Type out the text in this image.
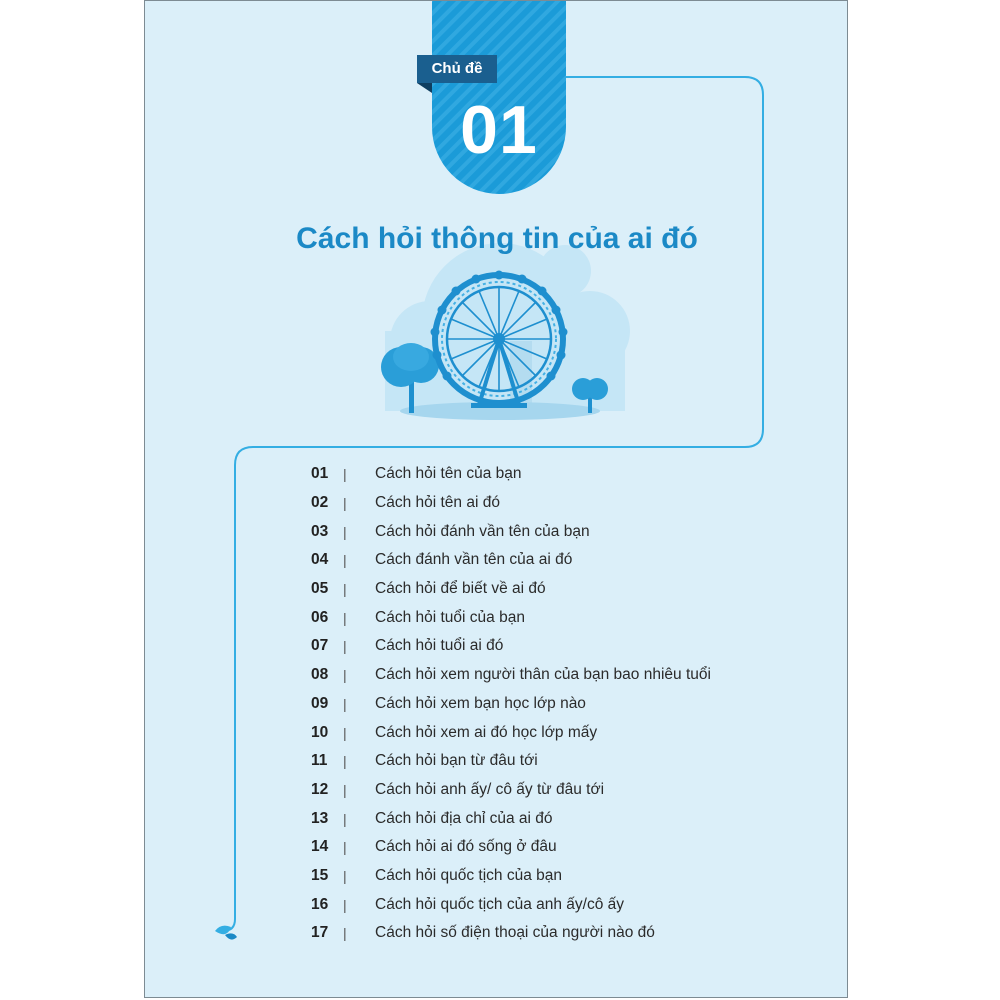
Chủ đề
01
Cách hỏi thông tin của ai đó
01	|	Cách hỏi tên của bạn
02	|	Cách hỏi tên ai đó
03	|	Cách hỏi đánh vần tên của bạn
04	|	Cách đánh vần tên của ai đó
05	|	Cách hỏi để biết về ai đó
06	|	Cách hỏi tuổi của bạn
07	|	Cách hỏi tuổi ai đó
08	|	Cách hỏi xem người thân của bạn bao nhiêu tuổi
09	|	Cách hỏi xem bạn học lớp nào
10	|	Cách hỏi xem ai đó học lớp mấy
11	|	Cách hỏi bạn từ đâu tới
12	|	Cách hỏi anh ấy/ cô ấy từ đâu tới
13	|	Cách hỏi địa chỉ của ai đó
14	|	Cách hỏi ai đó sống ở đâu
15	|	Cách hỏi quốc tịch của bạn
16	|	Cách hỏi quốc tịch của anh ấy/cô ấy
17	|	Cách hỏi số điện thoại của người nào đó
